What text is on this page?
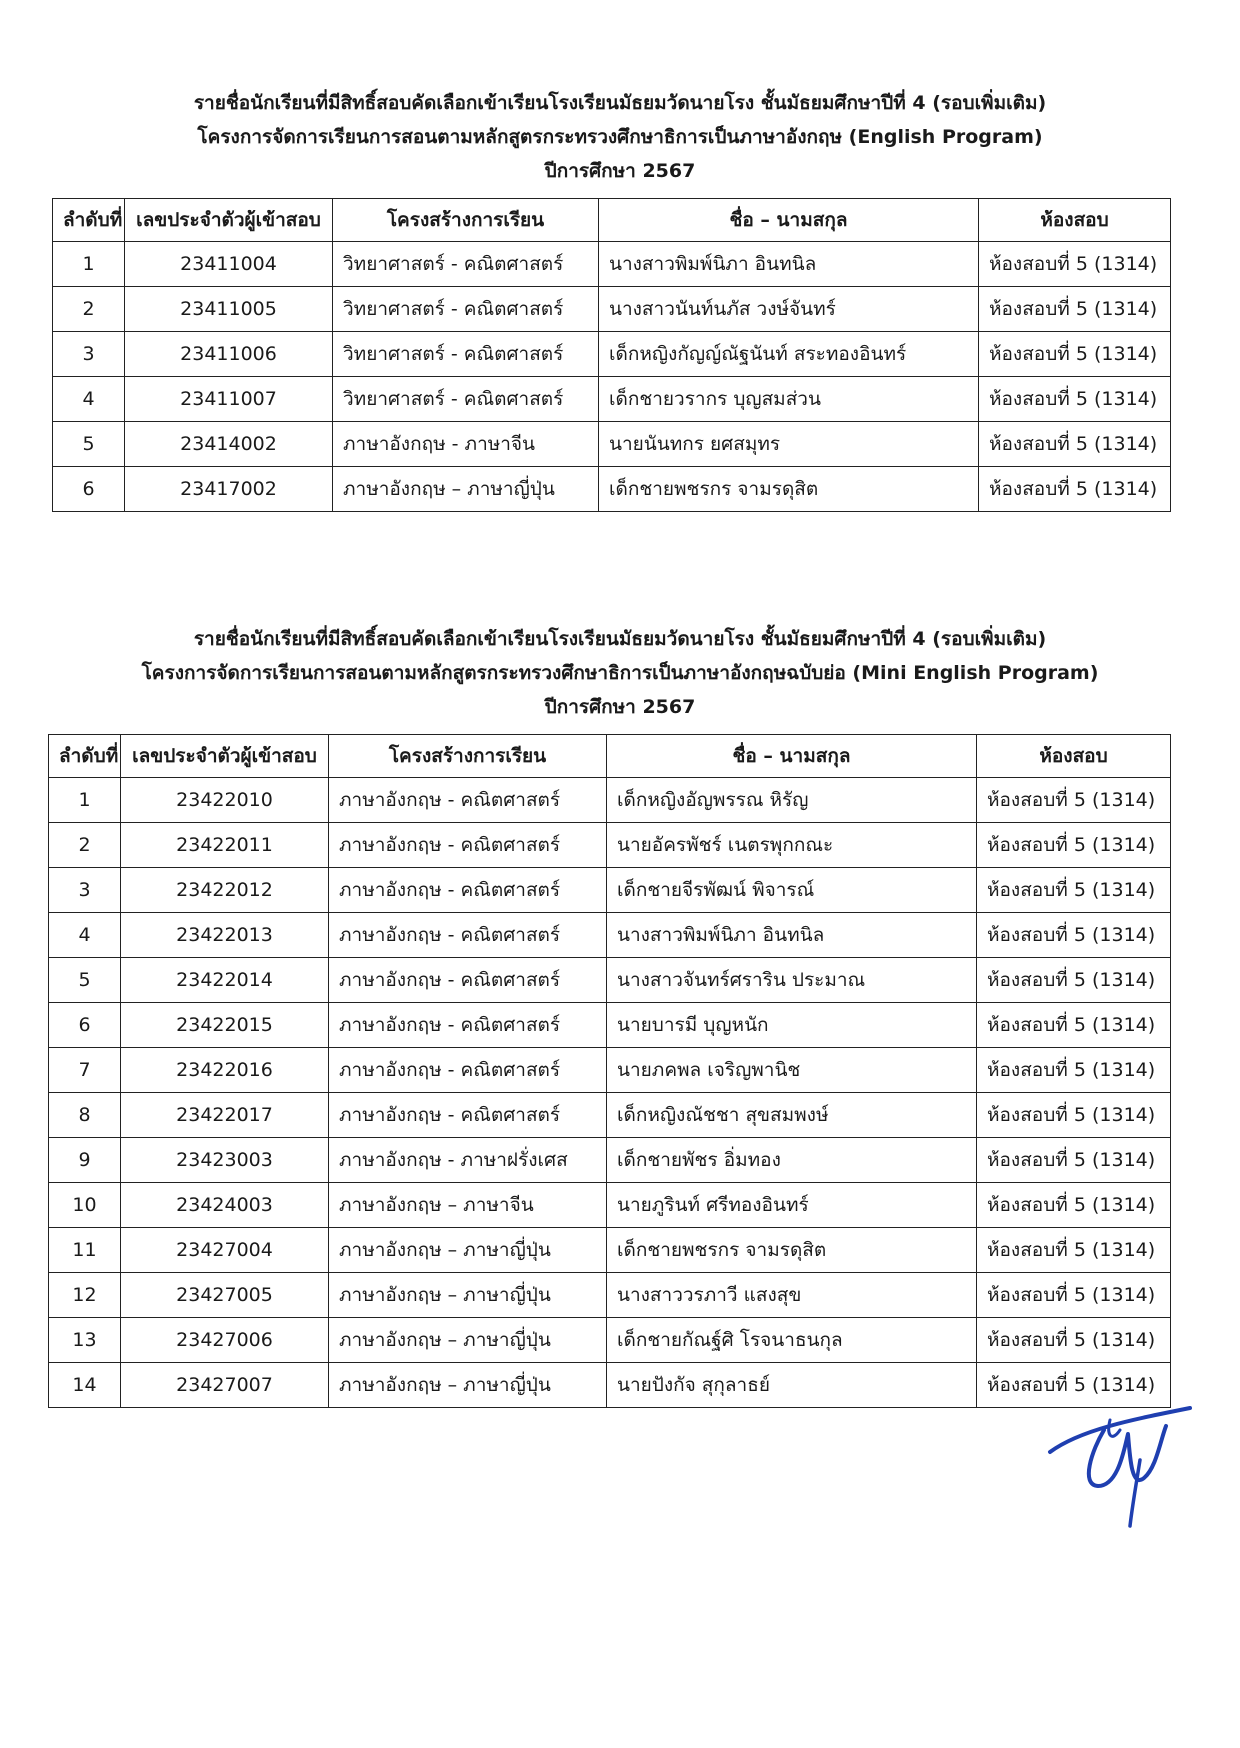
รายชื่อนักเรียนที่มีสิทธิ์สอบคัดเลือกเข้าเรียนโรงเรียนมัธยมวัดนายโรง ชั้นมัธยมศึกษาปีที่ 4 (รอบเพิ่มเติม)
โครงการจัดการเรียนการสอนตามหลักสูตรกระทรวงศึกษาธิการเป็นภาษาอังกฤษ (English Program)
ปีการศึกษา 2567
ลำดับที่	เลขประจำตัวผู้เข้าสอบ	โครงสร้างการเรียน	ชื่อ – นามสกุล	ห้องสอบ
1	23411004	วิทยาศาสตร์ - คณิตศาสตร์	นางสาวพิมพ์นิภา อินทนิล	ห้องสอบที่ 5 (1314)
2	23411005	วิทยาศาสตร์ - คณิตศาสตร์	นางสาวนันท์นภัส วงษ์จันทร์	ห้องสอบที่ 5 (1314)
3	23411006	วิทยาศาสตร์ - คณิตศาสตร์	เด็กหญิงกัญญ์ณัฐนันท์ สระทองอินทร์	ห้องสอบที่ 5 (1314)
4	23411007	วิทยาศาสตร์ - คณิตศาสตร์	เด็กชายวรากร บุญสมส่วน	ห้องสอบที่ 5 (1314)
5	23414002	ภาษาอังกฤษ - ภาษาจีน	นายนันทกร ยศสมุทร	ห้องสอบที่ 5 (1314)
6	23417002	ภาษาอังกฤษ – ภาษาญี่ปุ่น	เด็กชายพชรกร จามรดุสิต	ห้องสอบที่ 5 (1314)
รายชื่อนักเรียนที่มีสิทธิ์สอบคัดเลือกเข้าเรียนโรงเรียนมัธยมวัดนายโรง ชั้นมัธยมศึกษาปีที่ 4 (รอบเพิ่มเติม)
โครงการจัดการเรียนการสอนตามหลักสูตรกระทรวงศึกษาธิการเป็นภาษาอังกฤษฉบับย่อ (Mini English Program)
ปีการศึกษา 2567
ลำดับที่	เลขประจำตัวผู้เข้าสอบ	โครงสร้างการเรียน	ชื่อ – นามสกุล	ห้องสอบ
1	23422010	ภาษาอังกฤษ - คณิตศาสตร์	เด็กหญิงอัญพรรณ หิรัญ	ห้องสอบที่ 5 (1314)
2	23422011	ภาษาอังกฤษ - คณิตศาสตร์	นายอัครพัชร์ เนตรพุกกณะ	ห้องสอบที่ 5 (1314)
3	23422012	ภาษาอังกฤษ - คณิตศาสตร์	เด็กชายจีรพัฒน์ พิจารณ์	ห้องสอบที่ 5 (1314)
4	23422013	ภาษาอังกฤษ - คณิตศาสตร์	นางสาวพิมพ์นิภา อินทนิล	ห้องสอบที่ 5 (1314)
5	23422014	ภาษาอังกฤษ - คณิตศาสตร์	นางสาวจันทร์ศราริน ประมาณ	ห้องสอบที่ 5 (1314)
6	23422015	ภาษาอังกฤษ - คณิตศาสตร์	นายบารมี บุญหนัก	ห้องสอบที่ 5 (1314)
7	23422016	ภาษาอังกฤษ - คณิตศาสตร์	นายภคพล เจริญพานิช	ห้องสอบที่ 5 (1314)
8	23422017	ภาษาอังกฤษ - คณิตศาสตร์	เด็กหญิงณัชชา สุขสมพงษ์	ห้องสอบที่ 5 (1314)
9	23423003	ภาษาอังกฤษ - ภาษาฝรั่งเศส	เด็กชายพัชร อิ่มทอง	ห้องสอบที่ 5 (1314)
10	23424003	ภาษาอังกฤษ – ภาษาจีน	นายภูรินท์ ศรีทองอินทร์	ห้องสอบที่ 5 (1314)
11	23427004	ภาษาอังกฤษ – ภาษาญี่ปุ่น	เด็กชายพชรกร จามรดุสิต	ห้องสอบที่ 5 (1314)
12	23427005	ภาษาอังกฤษ – ภาษาญี่ปุ่น	นางสาววรภาวี แสงสุข	ห้องสอบที่ 5 (1314)
13	23427006	ภาษาอังกฤษ – ภาษาญี่ปุ่น	เด็กชายกัณฐ์ศิ โรจนาธนกุล	ห้องสอบที่ 5 (1314)
14	23427007	ภาษาอังกฤษ – ภาษาญี่ปุ่น	นายปังกัจ สุกุลาธย์	ห้องสอบที่ 5 (1314)
